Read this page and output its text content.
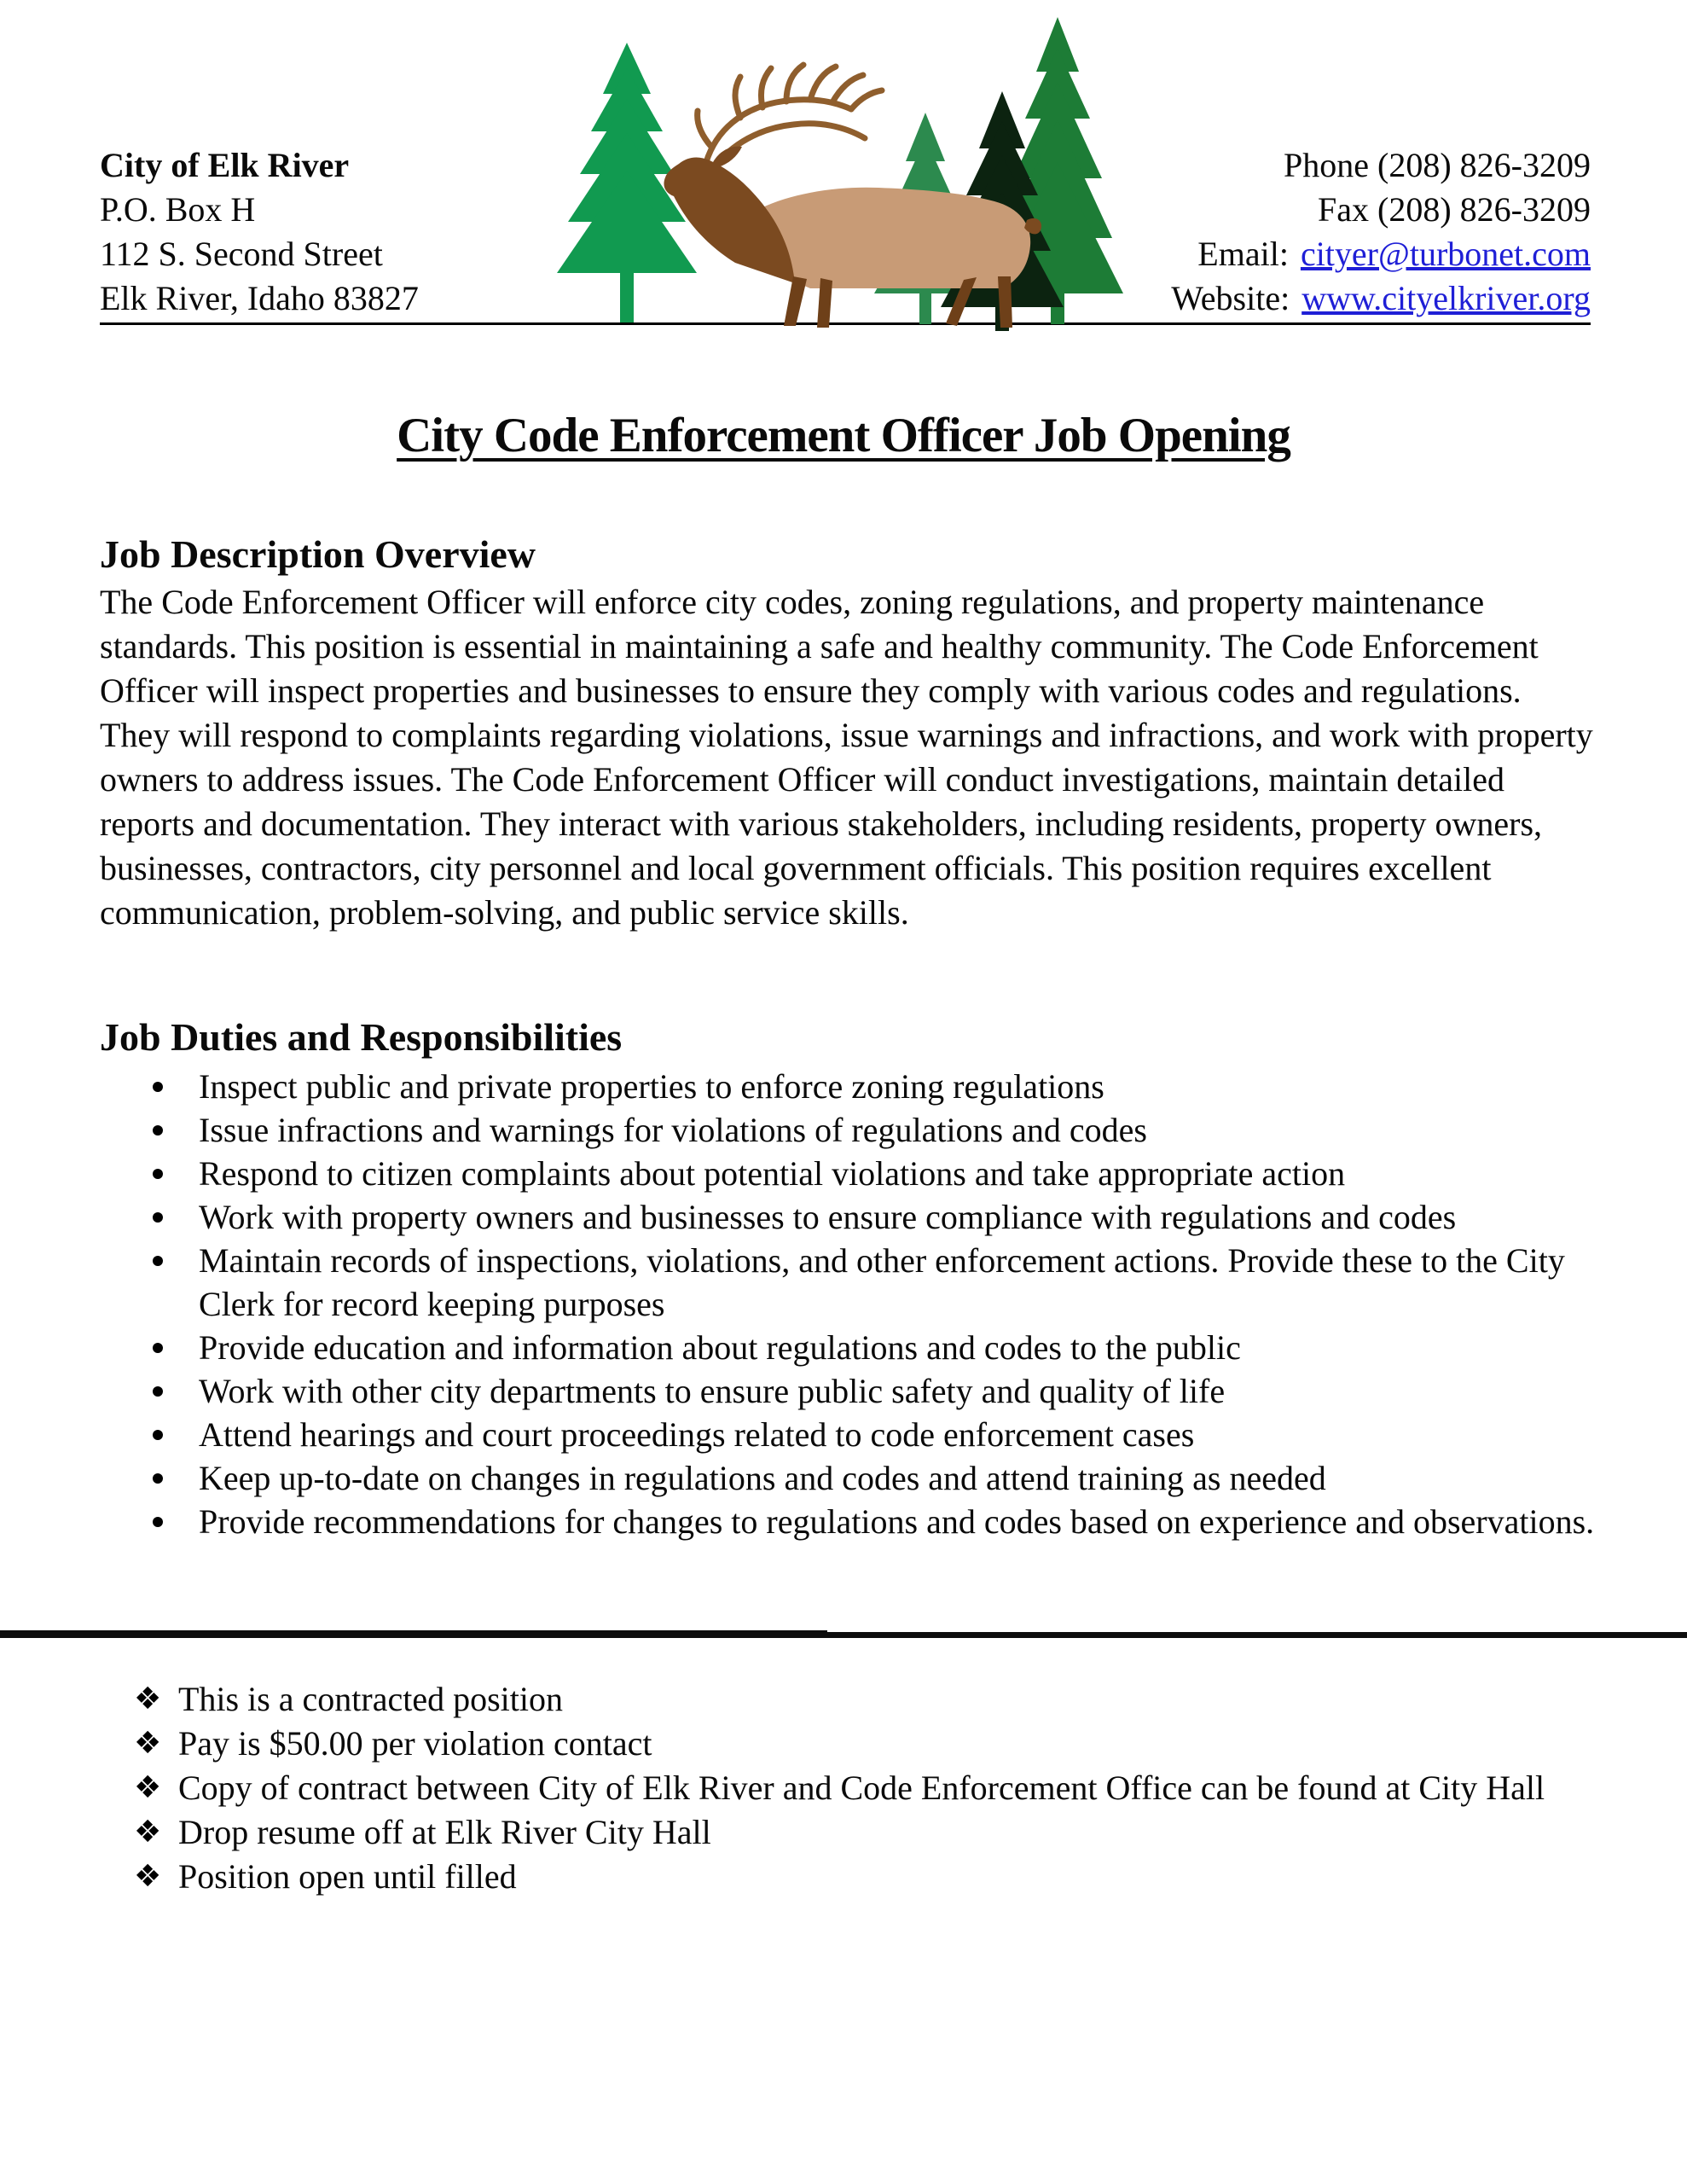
City of Elk River
P.O. Box H
112 S. Second Street
Elk River, Idaho 83827
Phone (208) 826-3209
Fax (208) 826-3209
Email: cityer@turbonet.com
Website: www.cityelkriver.org
City Code Enforcement Officer Job Opening
Job Description Overview

The Code Enforcement Officer will enforce city codes, zoning regulations, and property maintenance standards. This position is essential in maintaining a safe and healthy community. The Code Enforcement Officer will inspect properties and businesses to ensure they comply with various codes and regulations. They will respond to complaints regarding violations, issue warnings and infractions, and work with property owners to address issues. The Code Enforcement Officer will conduct investigations, maintain detailed reports and documentation. They interact with various stakeholders, including residents, property owners, businesses, contractors, city personnel and local government officials. This position requires excellent communication, problem-solving, and public service skills.

Job Duties and Responsibilities
Inspect public and private properties to enforce zoning regulations
Issue infractions and warnings for violations of regulations and codes
Respond to citizen complaints about potential violations and take appropriate action
Work with property owners and businesses to ensure compliance with regulations and codes
Maintain records of inspections, violations, and other enforcement actions. Provide these to the City Clerk for record keeping purposes
Provide education and information about regulations and codes to the public
Work with other city departments to ensure public safety and quality of life
Attend hearings and court proceedings related to code enforcement cases
Keep up-to-date on changes in regulations and codes and attend training as needed
Provide recommendations for changes to regulations and codes based on experience and observations.
❖ This is a contracted position
❖ Pay is $50.00 per violation contact
❖ Copy of contract between City of Elk River and Code Enforcement Office can be found at City Hall
❖ Drop resume off at Elk River City Hall
❖ Position open until filled
